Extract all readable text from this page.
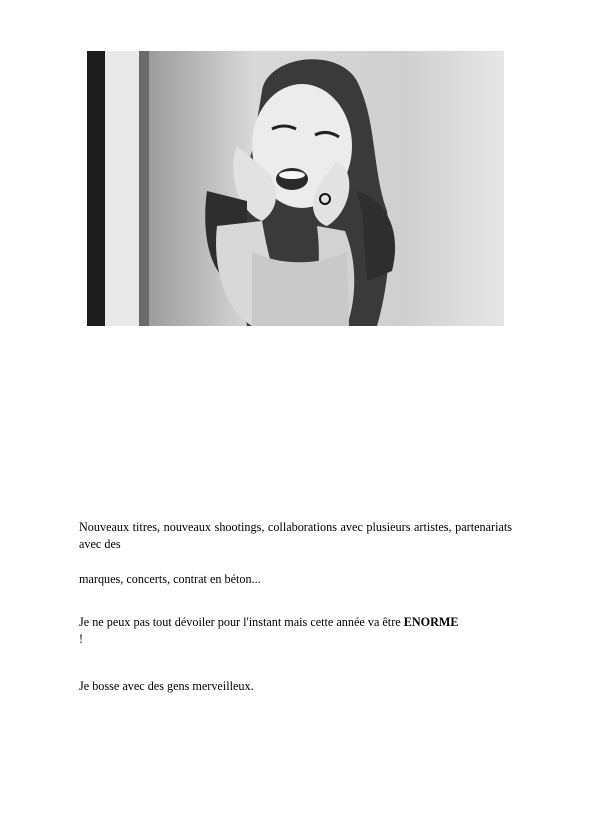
Nouveaux titres, nouveaux shootings, collaborations avec plusieurs artistes, partenariats avec des

marques, concerts, contrat en béton...

Je ne peux pas tout dévoiler pour l'instant mais cette année va être ENORME
!

Je bosse avec des gens merveilleux.
